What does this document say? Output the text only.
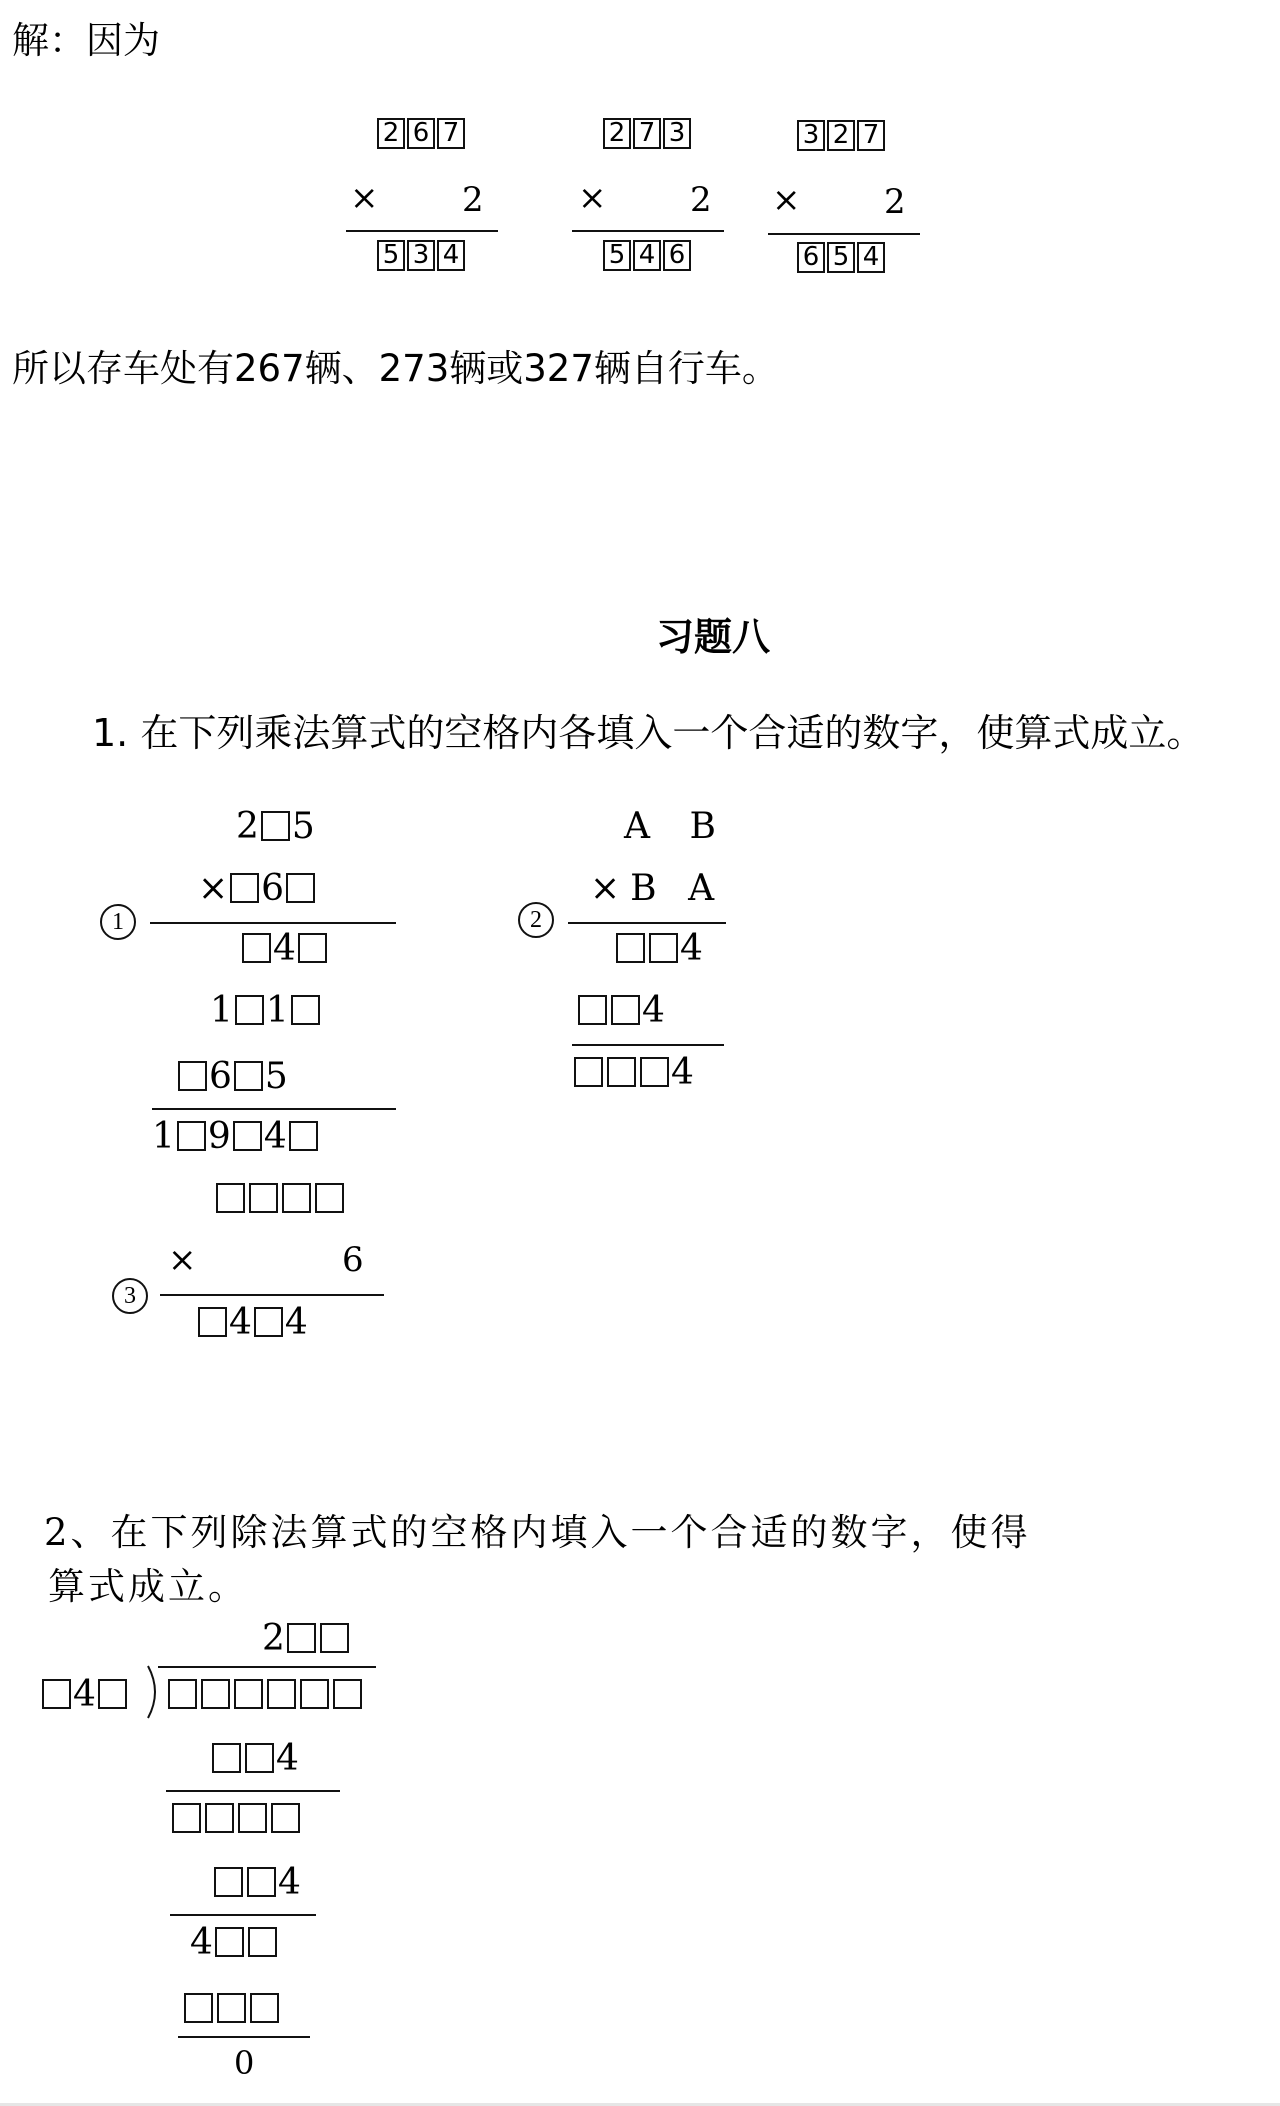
解：因为
2 6 7
× 2
5 3 4
2 7 3
× 2
5 4 6
3 2 7
× 2
6 5 4
所以存车处有267辆、273辆或327辆自行车。
习题八
1. 在下列乘法算式的空格内各填入一个合适的数字，使算式成立。
2 5
1
× 6
4
1 1
6 5
1 9 4
A B
2
×B A
4
4
4
×	6
3
4 4
2、在下列除法算式的空格内填入一个合适的数字，使得
算式成立。
2
4
4
4
4
0
